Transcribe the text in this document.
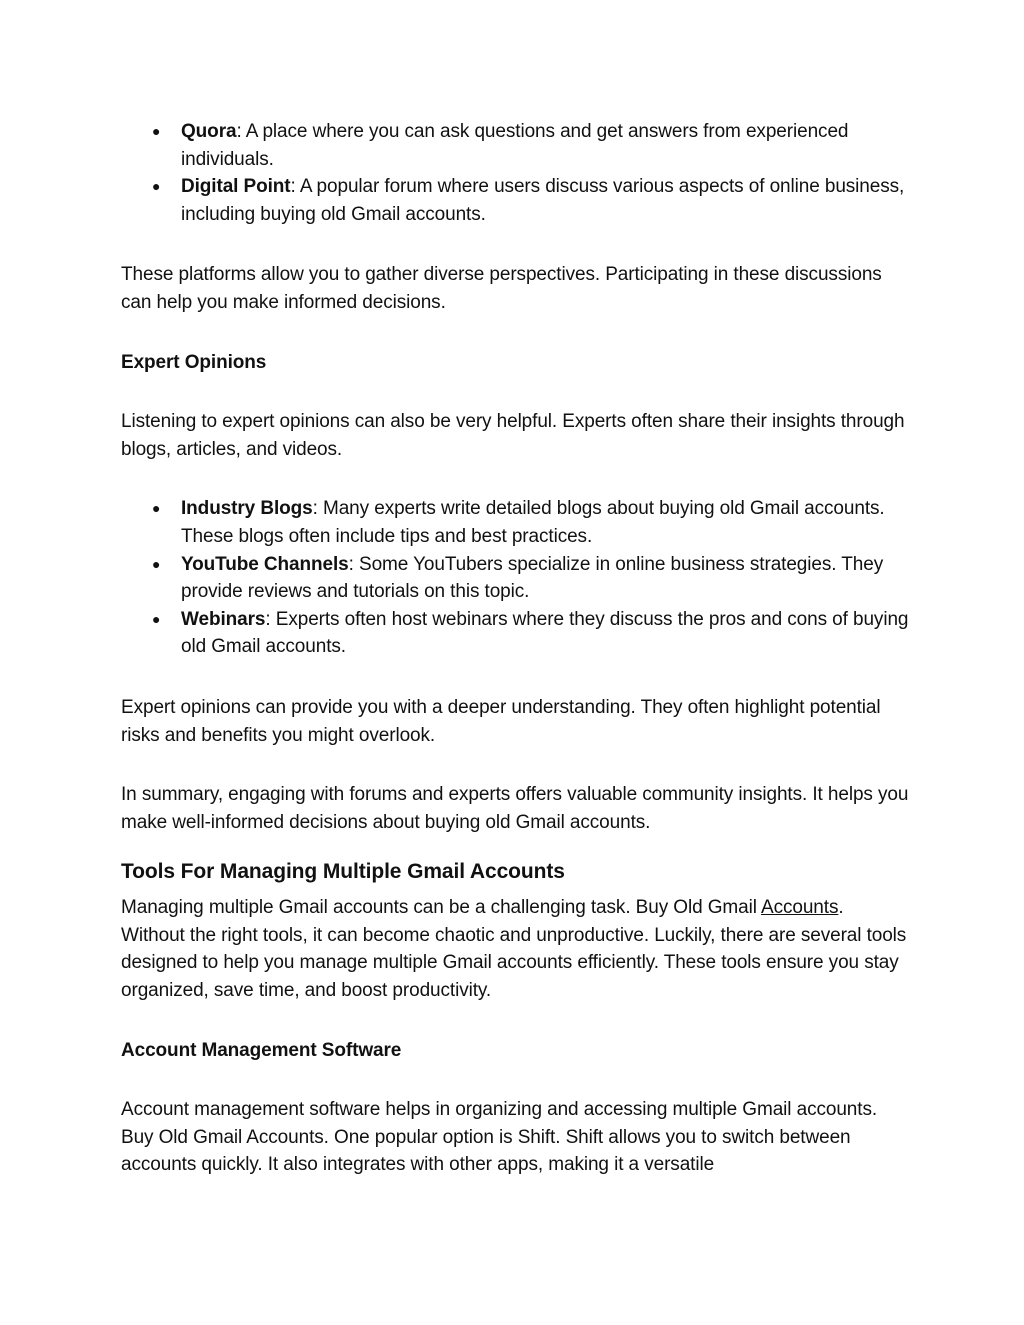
● Quora: A place where you can ask questions and get answers from experienced individuals.
● Digital Point: A popular forum where users discuss various aspects of online business, including buying old Gmail accounts.

These platforms allow you to gather diverse perspectives. Participating in these discussions can help you make informed decisions.

Expert Opinions

Listening to expert opinions can also be very helpful. Experts often share their insights through blogs, articles, and videos.

● Industry Blogs: Many experts write detailed blogs about buying old Gmail accounts. These blogs often include tips and best practices.
● YouTube Channels: Some YouTubers specialize in online business strategies. They provide reviews and tutorials on this topic.
● Webinars: Experts often host webinars where they discuss the pros and cons of buying old Gmail accounts.

Expert opinions can provide you with a deeper understanding. They often highlight potential risks and benefits you might overlook.

In summary, engaging with forums and experts offers valuable community insights. It helps you make well-informed decisions about buying old Gmail accounts.

Tools For Managing Multiple Gmail Accounts

Managing multiple Gmail accounts can be a challenging task. Buy Old Gmail Accounts. Without the right tools, it can become chaotic and unproductive. Luckily, there are several tools designed to help you manage multiple Gmail accounts efficiently. These tools ensure you stay organized, save time, and boost productivity.

Account Management Software

Account management software helps in organizing and accessing multiple Gmail accounts. Buy Old Gmail Accounts. One popular option is Shift. Shift allows you to switch between accounts quickly. It also integrates with other apps, making it a versatile
